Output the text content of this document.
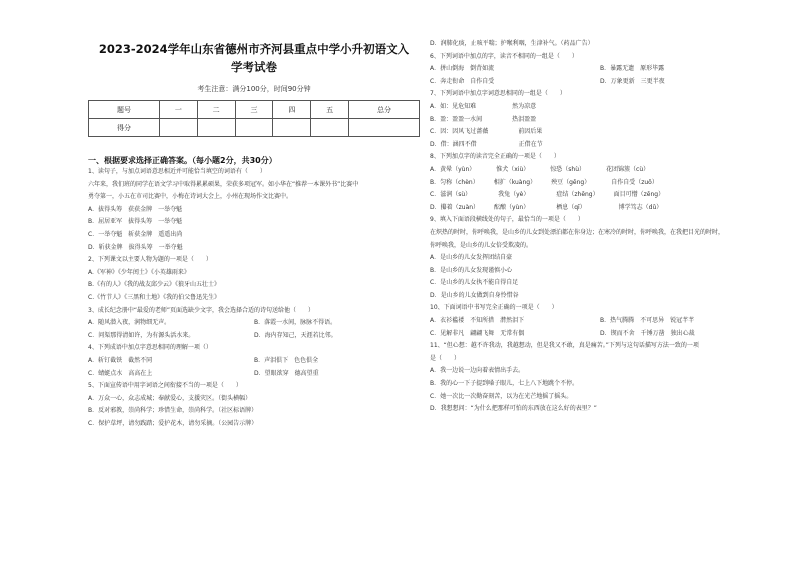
2023-2024学年山东省德州市齐河县重点中学小升初语文入
学考试卷
考生注意：满分100分，时间90分钟
题号	一	二	三	四	五	总分
得分						
一、根据要求选择正确答案。（每小题2分，共30分）
1、读句子，与加点词语意思相近并可能恰当填空的词语有（　　）
六年来，我们班的同学在语文学习中取得累累硕果，荣获多项冠军。如小华在“推荐一本课外书”比赛中
勇夺第一，小五在市司比赛中，小梅在诗词大会上，小州在现场作文比赛中。
A．拔得头筹　获获金牌　一举夺魁
B．屈居亚军　拔得头筹　一举夺魁
C．一举夺魁　斩获金牌　遥遥出尚
D．斩获金牌　拔得头筹　一举夺魁
2、下列课文以主要人物为题的一项是（　　）
A.《军神》《少年闰土》《小英雄雨来》
B.《有的人》《我的战友邱少云》《狼牙山五壮士》
C.《竹节人》《三黑和土地》《我的伯父鲁迅先生》
3、成长纪念册中“最爱的老师”页面选缺少文字，我会选择合适的诗句送给他（　　）
A．随风潜入夜，润物细无声。	B．落霞一水间，脉脉不得语。
C．问渠那得清如许，为有源头活水来。	D．海内存知己，天涯若比邻。
4、下列成语中加点字意思相同的理解一项（）
A．斩钉截铁　截然不同	B．声泪俱下　色色俱全
C．蜻蜓点水　高高在上	D．望眼欲穿　德高望重
5、下面宣传语中用字词语之间衔接不当的一项是（　　）
A．万众一心，众志成城；奉献爱心，支援灾区。（街头横幅）
B．反对邪教，崇尚科学；珍惜生命，崇尚科学。（社区标语牌）
C．保护草坪，请勿践踏；爱护花木，请勿采摘。（公园告示牌）
D．润肺化痰，止咳平喘；护喉利咽，生津补气。（药品广告）
6、下列词语中加点的字，读音不相同的一组是（　　）
A．拼山倒海　倒背如流	B．暴露无遗　原形毕露
C．奔走衔命　自作自受	D．万象更新　三更半夜
7、下列词语中加点字词意思相同的一组是（　　）
A．如：见危知难　　　　　　然为凉意
B．盈：盈盈一水间　　　　　热泪盈盈
C．因：因风飞过蔷薇　　　　　前因后果
D．借：涵四不借　　　　　　　正借在节
8、下列加点字的读音完全正确的一项是（　　）
A．黄晕（yùn）　　　　惟犬（xiù）　　　　惊恐（shù）　　　　花团锦簇（cù）
B．匀称（chèn）　　　相扩（kuàng）　　　殃豆（gēng）　　　　自作自受（zuō）
C．滋润（sù）　　　　　我兔（yè）　　　　　症结（zhēng）　　　面目可憎（zēng）
D．攥着（zuàn）　　　酝酿（yùn）　　　　　栖息（qī）　　　　　　博学笃志（dǔ）
9、填入下面语段横线处的句子，最恰当的一项是（　　）
在炽热的时时，你呼唤我，是山乡的儿女到处漂泊都在你身边；在寒冷的时时，你呼唤我，在我把目光的时时，
你呼唤我，是山乡的儿女倍受欺凌的。
A．是山乡的儿女发挥团结自豪
B．是山乡的儿女发现谨慎小心
C．是山乡的儿女执不能自得自足
D．是山乡的儿女做到自身怜惜谷
10、下面词语中书写完全正确的一项是（　　）
A．衣衫褴褛　不知所措　潸然泪下	B．热气腾腾　不可思异　锐冠芊芊
C．见解非凡　翩翩飞舞　无常有偶	D．锲而不舍　千锤万凿　独出心裁
11、“但心想：越不许我动，我越想动，但是我又不敢，真是痛苦。”下列与这句话描写方法一致的一项
是（　　）
A．我一边说一边向着表情出手去。
B．我的心一下子提到嗓子眼儿，七上八下地跳个不停。
C．她一次比一次勤奋刻苦，以为在光芒地摇了摇头。
D．我想想问：“为什么把那样可怕的东西放在这么好的表里？”
